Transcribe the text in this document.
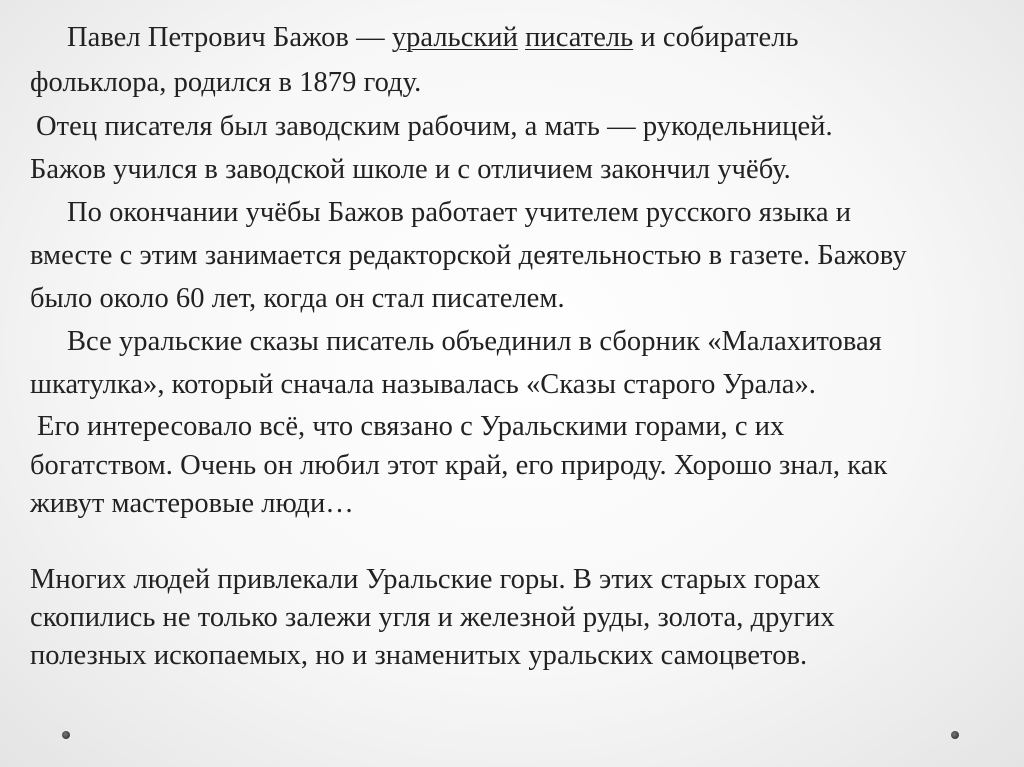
Павел Петрович Бажов — уральский писатель и собиратель
фольклора, родился в 1879 году.
Отец писателя был заводским рабочим, а мать — рукодельницей.
Бажов учился в заводской школе и с отличием закончил учёбу.
По окончании учёбы Бажов работает учителем русского языка и
вместе с этим занимается редакторской деятельностью в газете. Бажову
было около 60 лет, когда он стал писателем.
Все уральские сказы писатель объединил в сборник «Малахитовая
шкатулка», который сначала называлась «Сказы старого Урала».
Его интересовало всё, что связано с Уральскими горами, с их
богатством. Очень он любил этот край, его природу. Хорошо знал, как
живут мастеровые люди…
Многих людей привлекали Уральские горы. В этих старых горах
скопились не только залежи угля и железной руды, золота, других
полезных ископаемых, но и знаменитых уральских самоцветов.
